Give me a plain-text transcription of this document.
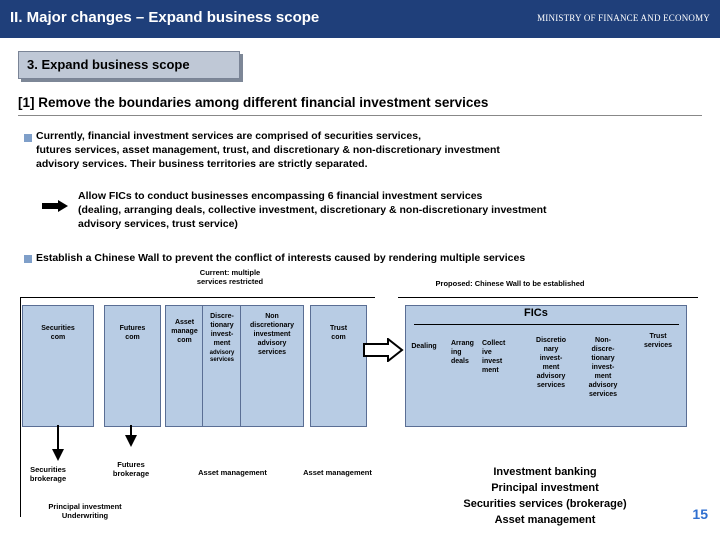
II. Major changes – Expand business scope	MINISTRY OF FINANCE AND ECONOMY
3. Expand business scope
[1] Remove the boundaries among different financial investment services
Currently, financial investment services are comprised of securities services,
futures services, asset management, trust, and discretionary & non-discretionary investment
advisory services. Their business territories are strictly separated.
Allow FICs to conduct businesses encompassing 6 financial investment services
(dealing, arranging deals, collective investment, discretionary & non-discretionary investment
advisory services, trust service)
Establish a Chinese Wall to prevent the conflict of interests caused by rendering multiple services
Current: multiple
services restricted
Securities
com
Futures
com
Asset
manage
com
Discre-
tionary
invest-
ment
advisory
services
Non
discretionary
investment
advisory
services
Trust
com
Securities
brokerage
Futures
brokerage	Asset management	Asset management
Principal investment
Underwriting
Proposed: Chinese Wall to be established
FICs
Dealing	Arrang
ing
deals
Collect
ive
invest
ment
Discretio
nary
invest-
ment
advisory
services
Non-
discre-
tionary
invest-
ment
advisory
services
Trust
services
Investment banking
Principal investment
Securities services (brokerage)
Asset management	15
